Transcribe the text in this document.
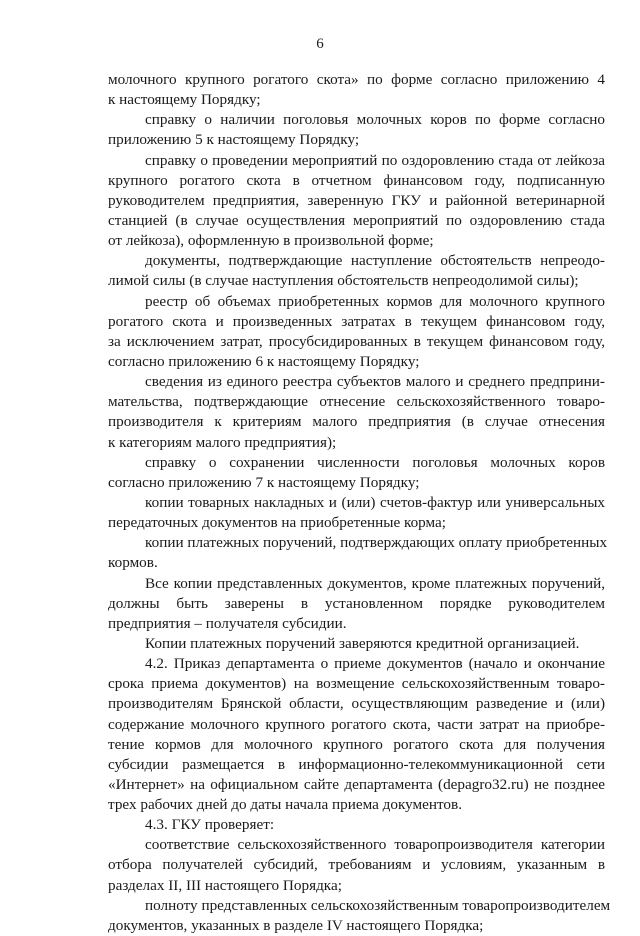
6
молочного крупного рогатого скота» по форме согласно приложению 4
к настоящему Порядку;
справку о наличии поголовья молочных коров по форме согласно
приложению 5 к настоящему Порядку;
справку о проведении мероприятий по оздоровлению стада от лейкоза
крупного рогатого скота в отчетном финансовом году, подписанную
руководителем предприятия, заверенную ГКУ и районной ветеринарной
станцией (в случае осуществления мероприятий по оздоровлению стада
от лейкоза), оформленную в произвольной форме;
документы, подтверждающие наступление обстоятельств непреодо-
лимой силы (в случае наступления обстоятельств непреодолимой силы);
реестр об объемах приобретенных кормов для молочного крупного
рогатого скота и произведенных затратах в текущем финансовом году,
за исключением затрат, просубсидированных в текущем финансовом году,
согласно приложению 6 к настоящему Порядку;
сведения из единого реестра субъектов малого и среднего предприни-
мательства, подтверждающие отнесение сельскохозяйственного товаро-
производителя к критериям малого предприятия (в случае отнесения
к категориям малого предприятия);
справку о сохранении численности поголовья молочных коров
согласно приложению 7 к настоящему Порядку;
копии товарных накладных и (или) счетов-фактур или универсальных
передаточных документов на приобретенные корма;
копии платежных поручений, подтверждающих оплату приобретенных
кормов.
Все копии представленных документов, кроме платежных поручений,
должны быть заверены в установленном порядке руководителем
предприятия – получателя субсидии.
Копии платежных поручений заверяются кредитной организацией.
4.2. Приказ департамента о приеме документов (начало и окончание
срока приема документов) на возмещение сельскохозяйственным товаро-
производителям Брянской области, осуществляющим разведение и (или)
содержание молочного крупного рогатого скота, части затрат на приобре-
тение кормов для молочного крупного рогатого скота для получения
субсидии размещается в информационно-телекоммуникационной сети
«Интернет» на официальном сайте департамента (depagro32.ru) не позднее
трех рабочих дней до даты начала приема документов.
4.3. ГКУ проверяет:
соответствие сельскохозяйственного товаропроизводителя категории
отбора получателей субсидий, требованиям и условиям, указанным в
разделах II, III настоящего Порядка;
полноту представленных сельскохозяйственным товаропроизводителем
документов, указанных в разделе IV настоящего Порядка;
